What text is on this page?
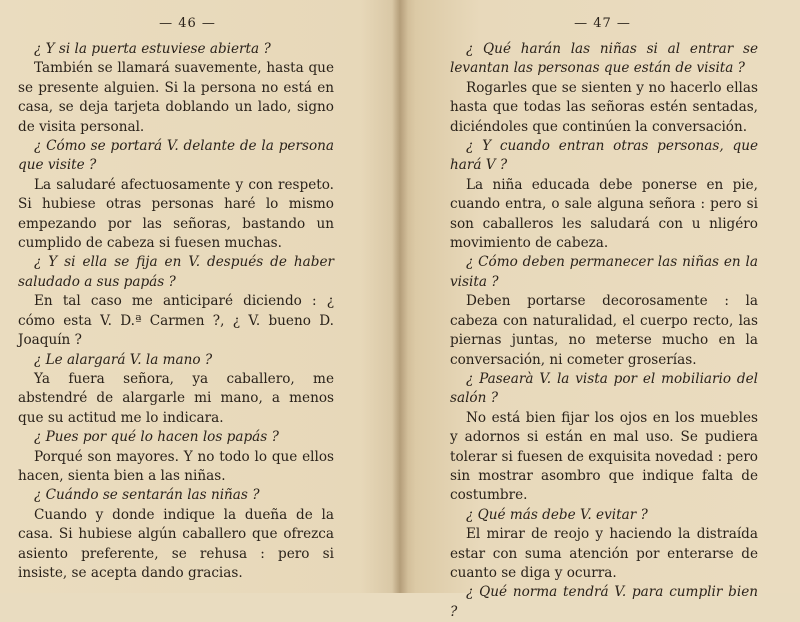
— 46 —

¿ Y si la puerta estuviese abierta ?

También se llamará suavemente, hasta que se presente alguien. Si la persona no está en casa, se deja tarjeta doblando un lado, signo de visita personal.

¿ Cómo se portará V. delante de la persona que visite ?

La saludaré afectuosamente y con respeto. Si hubiese otras personas haré lo mismo empezando por las señoras, bastando un cumplido de cabeza si fuesen muchas.

¿ Y si ella se fija en V. después de haber saludado a sus papás ?

En tal caso me anticiparé diciendo : ¿ cómo esta V. D.ª Carmen ?, ¿ V. bueno D. Joaquín ?

¿ Le alargará V. la mano ?

Ya fuera señora, ya caballero, me abstendré de alargarle mi mano, a menos que su actitud me lo indicara.

¿ Pues por qué lo hacen los papás ?

Porqué son mayores. Y no todo lo que ellos hacen, sienta bien a las niñas.

¿ Cuándo se sentarán las niñas ?

Cuando y donde indique la dueña de la casa. Si hubiese algún caballero que ofrezca asiento preferente, se rehusa : pero si insiste, se acepta dando gracias.

— 47 —

¿ Qué harán las niñas si al entrar se levantan las personas que están de visita ?

Rogarles que se sienten y no hacerlo ellas hasta que todas las señoras estén sentadas, diciéndoles que continúen la conversación.

¿ Y cuando entran otras personas, que hará V ?

La niña educada debe ponerse en pie, cuando entra, o sale alguna señora : pero si son caballeros les saludará con u nligéro movimiento de cabeza.

¿ Cómo deben permanecer las niñas en la visita ?

Deben portarse decorosamente : la cabeza con naturalidad, el cuerpo recto, las piernas juntas, no meterse mucho en la conversación, ni cometer groserías.

¿ Pasearà V. la vista por el mobiliario del salón ?

No está bien fijar los ojos en los muebles y adornos si están en mal uso. Se pudiera tolerar si fuesen de exquisita novedad : pero sin mostrar asombro que indique falta de costumbre.

¿ Qué más debe V. evitar ?

El mirar de reojo y haciendo la distraída estar con suma atención por enterarse de cuanto se diga y ocurra.

¿ Qué norma tendrá V. para cumplir bien ?
